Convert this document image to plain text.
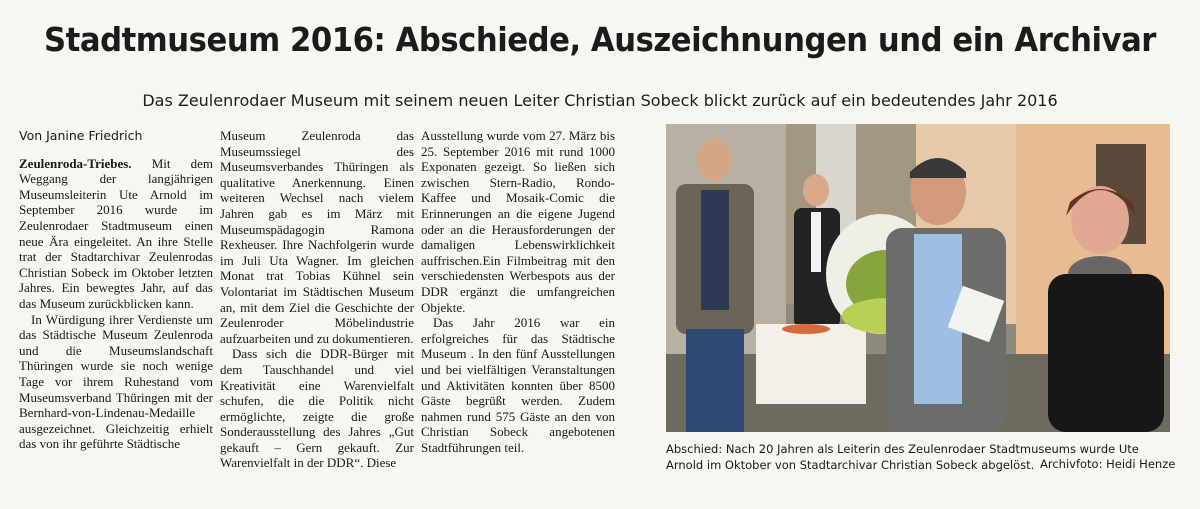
Stadtmuseum 2016: Abschiede, Auszeichnungen und ein Archivar
Das Zeulenrodaer Museum mit seinem neuen Leiter Christian Sobeck blickt zurück auf ein bedeutendes Jahr 2016

Von Janine Friedrich

Zeulenroda-Triebes. Mit dem Weggang der langjährigen Museumsleiterin Ute Arnold im September 2016 wurde im Zeulenrodaer Stadtmuseum einen neue Ära eingeleitet. An ihre Stelle trat der Stadtarchivar Zeulenrodas Christian Sobeck im Oktober letzten Jahres. Ein bewegtes Jahr, auf das das Museum zurückblicken kann.

In Würdigung ihrer Verdienste um das Städtische Museum Zeulenroda und die Museumslandschaft Thüringen wurde sie noch wenige Tage vor ihrem Ruhestand vom Museumsverband Thüringen mit der Bernhard-von-Lindenau-Medaille ausgezeichnet. Gleichzeitig erhielt das von ihr geführte Städtische

Museum Zeulenroda das Museumssiegel des Museumsverbandes Thüringen als qualitative Anerkennung. Einen weiteren Wechsel nach vielem Jahren gab es im März mit Museumspädagogin Ramona Rexheuser. Ihre Nachfolgerin wurde im Juli Uta Wagner. Im gleichen Monat trat Tobias Kühnel sein Volontariat im Städtischen Museum an, mit dem Ziel die Geschichte der Zeulenroder Möbelindustrie aufzuarbeiten und zu dokumentieren.

Dass sich die DDR-Bürger mit dem Tauschhandel und viel Kreativität eine Warenvielfalt schufen, die die Politik nicht ermöglichte, zeigte die große Sonderausstellung des Jahres „Gut gekauft – Gern gekauft. Zur Warenvielfalt in der DDR“. Diese

Ausstellung wurde vom 27. März bis 25. September 2016 mit rund 1000 Exponaten gezeigt. So ließen sich zwischen Stern-Radio, Rondo-Kaffee und Mosaik-Comic die Erinnerungen an die eigene Jugend oder an die Herausforderungen der damaligen Lebenswirklichkeit auffrischen.Ein Filmbeitrag mit den verschiedensten Werbespots aus der DDR ergänzt die umfangreichen Objekte.

Das Jahr 2016 war ein erfolgreiches für das Städtische Museum . In den fünf Ausstellungen und bei vielfältigen Veranstaltungen und Aktivitäten konnten über 8500 Gäste begrüßt werden. Zudem nahmen rund 575 Gäste an den von Christian Sobeck angebotenen Stadtführungen teil.	Abschied: Nach 20 Jahren als Leiterin des Zeulenrodaer Stadtmuseums wurde Ute Arnold im Oktober von Stadtarchivar Christian Sobeck abgelöst. Archivfoto: Heidi Henze
